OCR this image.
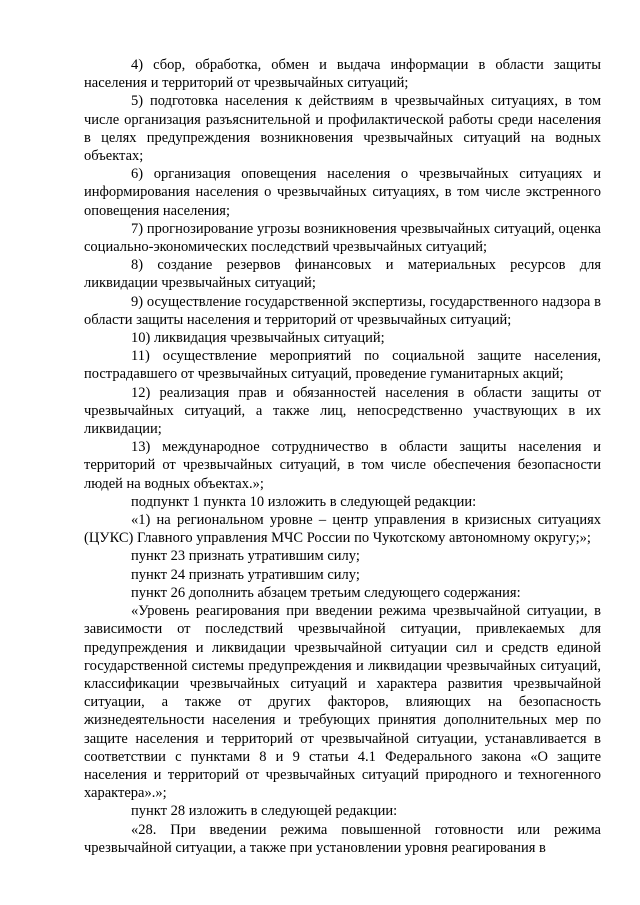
4) сбор, обработка, обмен и выдача информации в области защиты населения и территорий от чрезвычайных ситуаций;

5) подготовка населения к действиям в чрезвычайных ситуациях, в том числе организация разъяснительной и профилактической работы среди населения в целях предупреждения возникновения чрезвычайных ситуаций на водных объектах;

6) организация оповещения населения о чрезвычайных ситуациях и информирования населения о чрезвычайных ситуациях, в том числе экстренного оповещения населения;

7) прогнозирование угрозы возникновения чрезвычайных ситуаций, оценка социально-экономических последствий чрезвычайных ситуаций;

8) создание резервов финансовых и материальных ресурсов для ликвидации чрезвычайных ситуаций;

9) осуществление государственной экспертизы, государственного надзора в области защиты населения и территорий от чрезвычайных ситуаций;

10) ликвидация чрезвычайных ситуаций;

11) осуществление мероприятий по социальной защите населения, пострадавшего от чрезвычайных ситуаций, проведение гуманитарных акций;

12) реализация прав и обязанностей населения в области защиты от чрезвычайных ситуаций, а также лиц, непосредственно участвующих в их ликвидации;

13) международное сотрудничество в области защиты населения и территорий от чрезвычайных ситуаций, в том числе обеспечения безопасности людей на водных объектах.»;

подпункт 1 пункта 10 изложить в следующей редакции:

«1) на региональном уровне – центр управления в кризисных ситуациях (ЦУКС) Главного управления МЧС России по Чукотскому автономному округу;»;

пункт 23 признать утратившим силу;

пункт 24 признать утратившим силу;

пункт 26 дополнить абзацем третьим следующего содержания:

«Уровень реагирования при введении режима чрезвычайной ситуации, в зависимости от последствий чрезвычайной ситуации, привлекаемых для предупреждения и ликвидации чрезвычайной ситуации сил и средств единой государственной системы предупреждения и ликвидации чрезвычайных ситуаций, классификации чрезвычайных ситуаций и характера развития чрезвычайной ситуации, а также от других факторов, влияющих на безопасность жизнедеятельности населения и требующих принятия дополнительных мер по защите населения и территорий от чрезвычайной ситуации, устанавливается в соответствии с пунктами 8 и 9 статьи 4.1 Федерального закона «О защите населения и территорий от чрезвычайных ситуаций природного и техногенного характера».»;

пункт 28 изложить в следующей редакции:

«28. При введении режима повышенной готовности или режима чрезвычайной ситуации, а также при установлении уровня реагирования в
